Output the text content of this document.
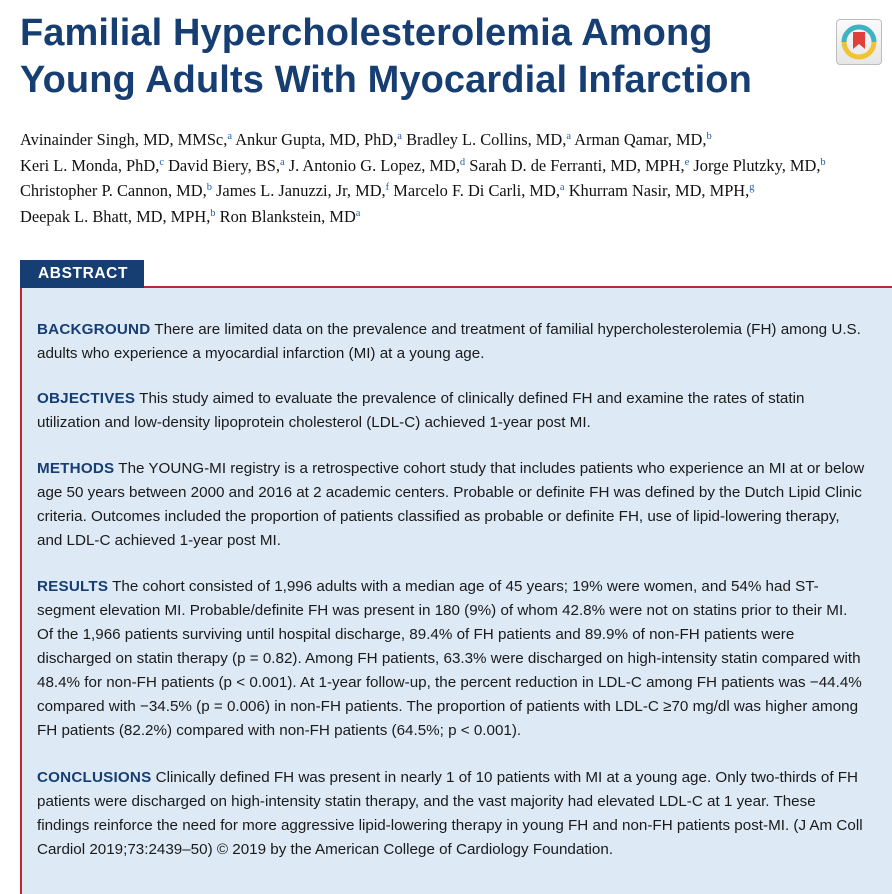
Familial Hypercholesterolemia Among Young Adults With Myocardial Infarction
Avinainder Singh, MD, MMSc,$^a$ Ankur Gupta, MD, PhD,$^a$ Bradley L. Collins, MD,$^a$ Arman Qamar, MD,$^b$
Keri L. Monda, PhD,$^c$ David Biery, BS,$^a$ J. Antonio G. Lopez, MD,$^d$ Sarah D. de Ferranti, MD, MPH,$^e$ Jorge Plutzky, MD,$^b$
Christopher P. Cannon, MD,$^b$ James L. Januzzi, Jr, MD,$^f$ Marcelo F. Di Carli, MD,$^a$ Khurram Nasir, MD, MPH,$^g$
Deepak L. Bhatt, MD, MPH,$^b$ Ron Blankstein, $MD^a$
ABSTRACT

BACKGROUND There are limited data on the prevalence and treatment of familial hypercholesterolemia (FH) among U.S. adults who experience a myocardial infarction (MI) at a young age.

OBJECTIVES This study aimed to evaluate the prevalence of clinically defined FH and examine the rates of statin utilization and low-density lipoprotein cholesterol (LDL-C) achieved 1-year post MI.

METHODS The YOUNG-MI registry is a retrospective cohort study that includes patients who experience an MI at or below age 50 years between 2000 and 2016 at 2 academic centers. Probable or definite FH was defined by the Dutch Lipid Clinic criteria. Outcomes included the proportion of patients classified as probable or definite FH, use of lipid-lowering therapy, and LDL-C achieved 1-year post MI.

RESULTS The cohort consisted of 1,996 adults with a median age of 45 years; 19% were women, and 54% had ST-segment elevation MI. Probable/definite FH was present in 180 (9%) of whom 42.8% were not on statins prior to their MI. Of the 1,966 patients surviving until hospital discharge, 89.4% of FH patients and 89.9% of non-FH patients were discharged on statin therapy (p = 0.82). Among FH patients, 63.3% were discharged on high-intensity statin compared with 48.4% for non-FH patients (p < 0.001). At 1-year follow-up, the percent reduction in LDL-C among FH patients was −44.4% compared with −34.5% (p = 0.006) in non-FH patients. The proportion of patients with LDL-C ≥70 mg/dl was higher among FH patients (82.2%) compared with non-FH patients (64.5%; p < 0.001).

CONCLUSIONS Clinically defined FH was present in nearly 1 of 10 patients with MI at a young age. Only two-thirds of FH patients were discharged on high-intensity statin therapy, and the vast majority had elevated LDL-C at 1 year. These findings reinforce the need for more aggressive lipid-lowering therapy in young FH and non-FH patients post-MI. (J Am Coll Cardiol 2019;73:2439–50) © 2019 by the American College of Cardiology Foundation.
